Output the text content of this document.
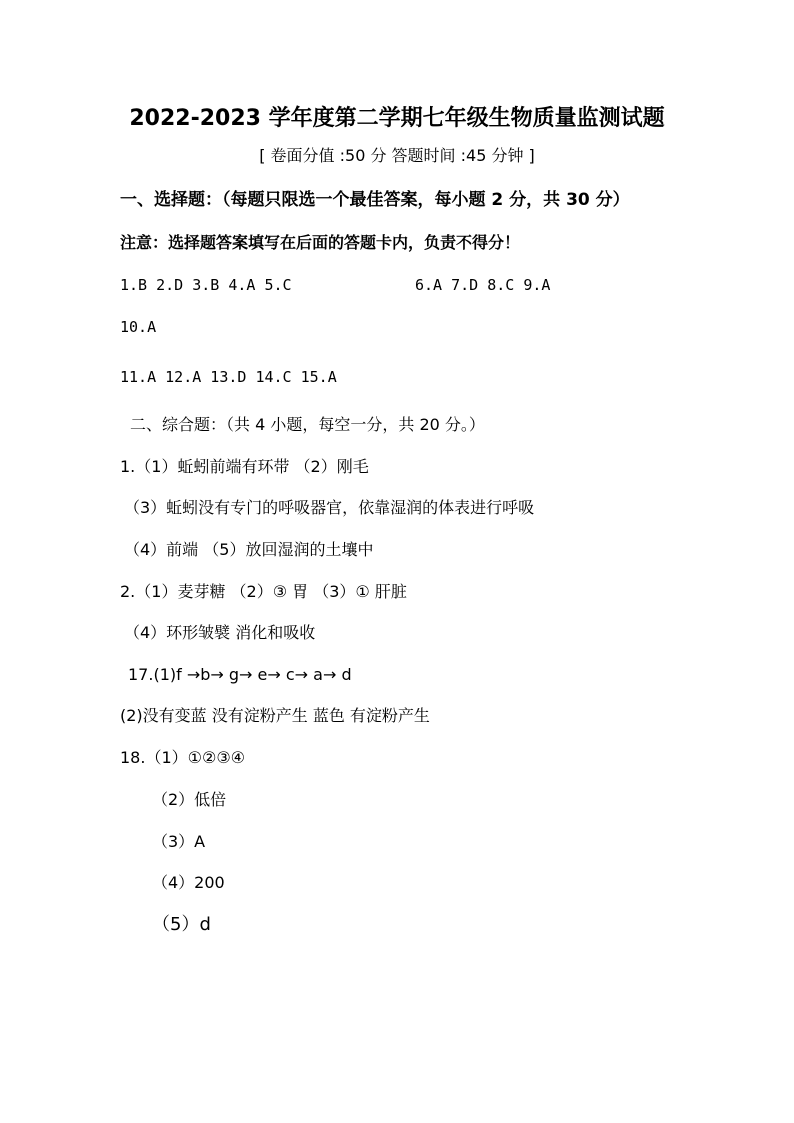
2022-2023 学年度第二学期七年级生物质量监测试题
[ 卷面分值 :50 分 答题时间 :45 分钟 ]
一、选择题：（每题只限选一个最佳答案，每小题 2 分，共 30 分）
注意：选择题答案填写在后面的答题卡内，负责不得分！
1.B 2.D 3.B 4.A 5.C	6.A 7.D 8.C 9.A
10.A
11.A 12.A 13.D 14.C 15.A
二、综合题：（共 4 小题，每空一分，共 20 分。）
1.（1）蚯蚓前端有环带 （2）刚毛
（3）蚯蚓没有专门的呼吸器官，依靠湿润的体表进行呼吸
（4）前端 （5）放回湿润的土壤中
2.（1）麦芽糖 （2）③ 胃 （3）① 肝脏
（4）环形皱襞 消化和吸收
17.(1)f →b→ g→ e→ c→ a→ d
(2)没有变蓝 没有淀粉产生 蓝色 有淀粉产生
18.（1）①②③④
（2）低倍
（3）A
（4）200
（5）d
